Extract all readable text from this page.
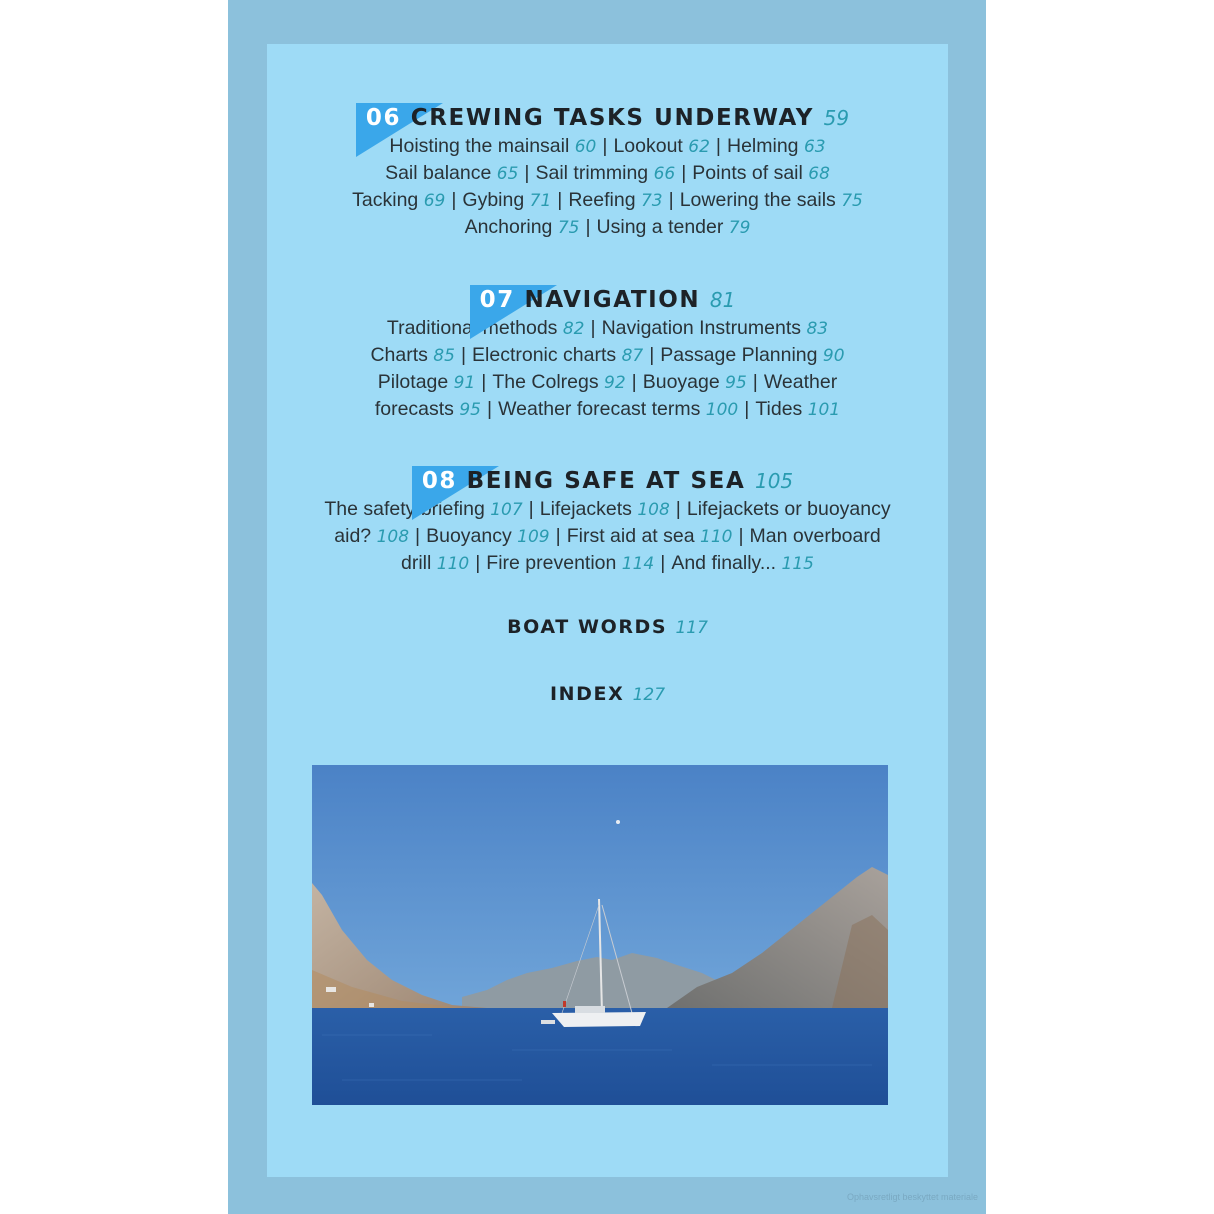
06 CREWING TASKS UNDERWAY 59
Hoisting the mainsail 60 | Lookout 62 | Helming 63
Sail balance 65 | Sail trimming 66 | Points of sail 68
Tacking 69 | Gybing 71 | Reefing 73 | Lowering the sails 75
Anchoring 75 | Using a tender 79
07 NAVIGATION 81
Traditional methods 82 | Navigation Instruments 83
Charts 85 | Electronic charts 87 | Passage Planning 90
Pilotage 91 | The Colregs 92 | Buoyage 95 | Weather
forecasts 95 | Weather forecast terms 100 | Tides 101
08 BEING SAFE AT SEA 105
The safety briefing 107 | Lifejackets 108 | Lifejackets or buoyancy
aid? 108 | Buoyancy 109 | First aid at sea 110 | Man overboard
drill 110 | Fire prevention 114 | And finally... 115
BOAT WORDS 117
INDEX 127
Ophavsretligt beskyttet materiale
